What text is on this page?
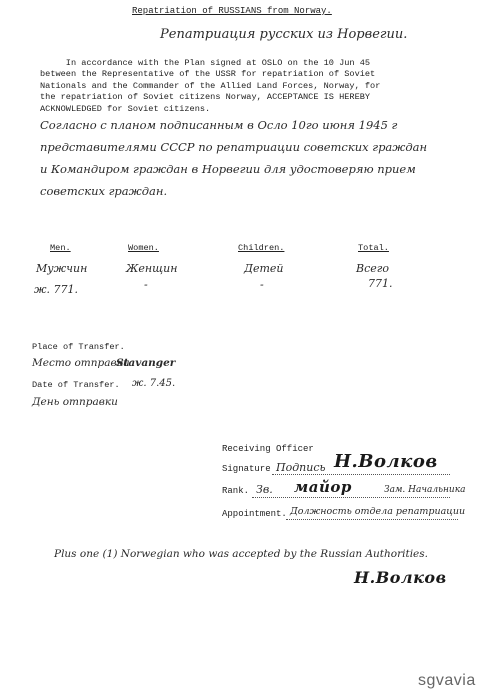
Repatriation of RUSSIANS from Norway.
Репатриация русских из Норвегии.
In accordance with the Plan signed at OSLO on the 10 Jun 45
between the Representative of the USSR for repatriation of Soviet
Nationals and the Commander of the Allied Land Forces, Norway, for
the repatriation of Soviet citizens Norway, ACCEPTANCE IS HEREBY
ACKNOWLEDGED for Soviet citizens.
Согласно с планом подписанным в Осло 10го июня 1945 г
представителями СССР по репатриации советских граждан
и Командиром граждан в Норвегии для удостоверяю прием
советских граждан.
Men.	Women.	Children.	Total.
Мужчин	Женщин	Детей	Всего
ж. 771.	-	-	771.
Place of Transfer.
Место отправки
Stavanger
Date of Transfer. ж. 7.45.
День отправки
Receiving Officer
Signature Подпись Н.Волков
Rank. Зв. майор	Зам. Начальника
Appointment. Должность отдела репатриации
Plus one (1) Norwegian who was accepted by the Russian Authorities.
Н.Волков
sgvavia
